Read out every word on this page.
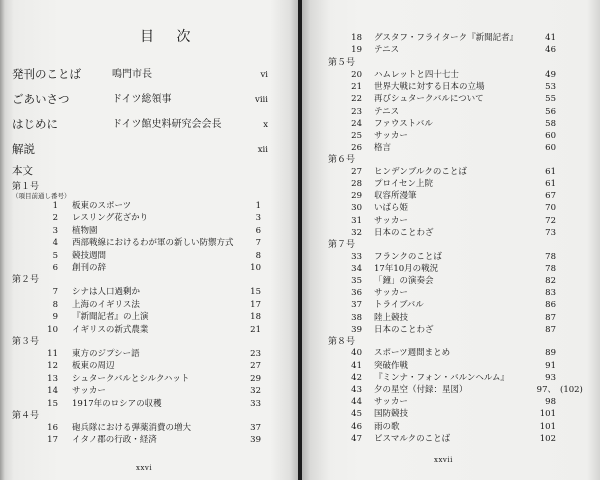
目 次
発刊のことば	鳴門市長	vi
ごあいさつ	ドイツ総領事	viii
はじめに	ドイツ館史料研究会会長	x
解説	xii
本文
第１号
（項目前通し番号）
1 板東のスポーツ	1
2 レスリング花ざかり	3
3 植物園	6
4 西部戦線におけるわが軍の新しい防禦方式	7
5 競技週間	8
6 創刊の辞	10
第２号
7 シナは人口過剰か	15
8 上海のイギリス法	17
9 『新聞記者』の上演	18
10 イギリスの新式農業	21
第３号
11 東方のジプシー語	23
12 板東の周辺	27
13 シュタークバルとシルクハット	29
14 サッカー	32
15 1917年のロシアの収穫	33
第４号
16 砲兵隊における弾薬消費の増大	37
17 イタノ郡の行政・経済	39
xxvi
18 グスタフ・フライターク『新聞記者』	41
19 テニス	46
第５号
20 ハムレットと四十七士	49
21 世界大戦に対する日本の立場	53
22 再びシュタークバルについて	55
23 テニス	56
24 ファウストバル	58
25 サッカー	60
26 格言	60
第６号
27 ヒンデンブルクのことば	61
28 プロイセン上院	61
29 収容所漫筆	67
30 いばら姫	70
31 サッカー	72
32 日本のことわざ	73
第７号
33 フランクのことば	78
34 17年10月の戦況	78
35 「鐘」の演奏会	82
36 サッカー	83
37 トライブバル	86
38 陸上競技	87
39 日本のことわざ	87
第８号
40 スポーツ週間まとめ	89
41 突破作戦	91
42 『ミンナ・フォン・バルンヘルム』	93
43 夕の星空（付録：星図）	97、 (102)
44 サッカー	98
45 国防競技	101
46 雨の歌	101
47 ビスマルクのことば	102
xxvii
